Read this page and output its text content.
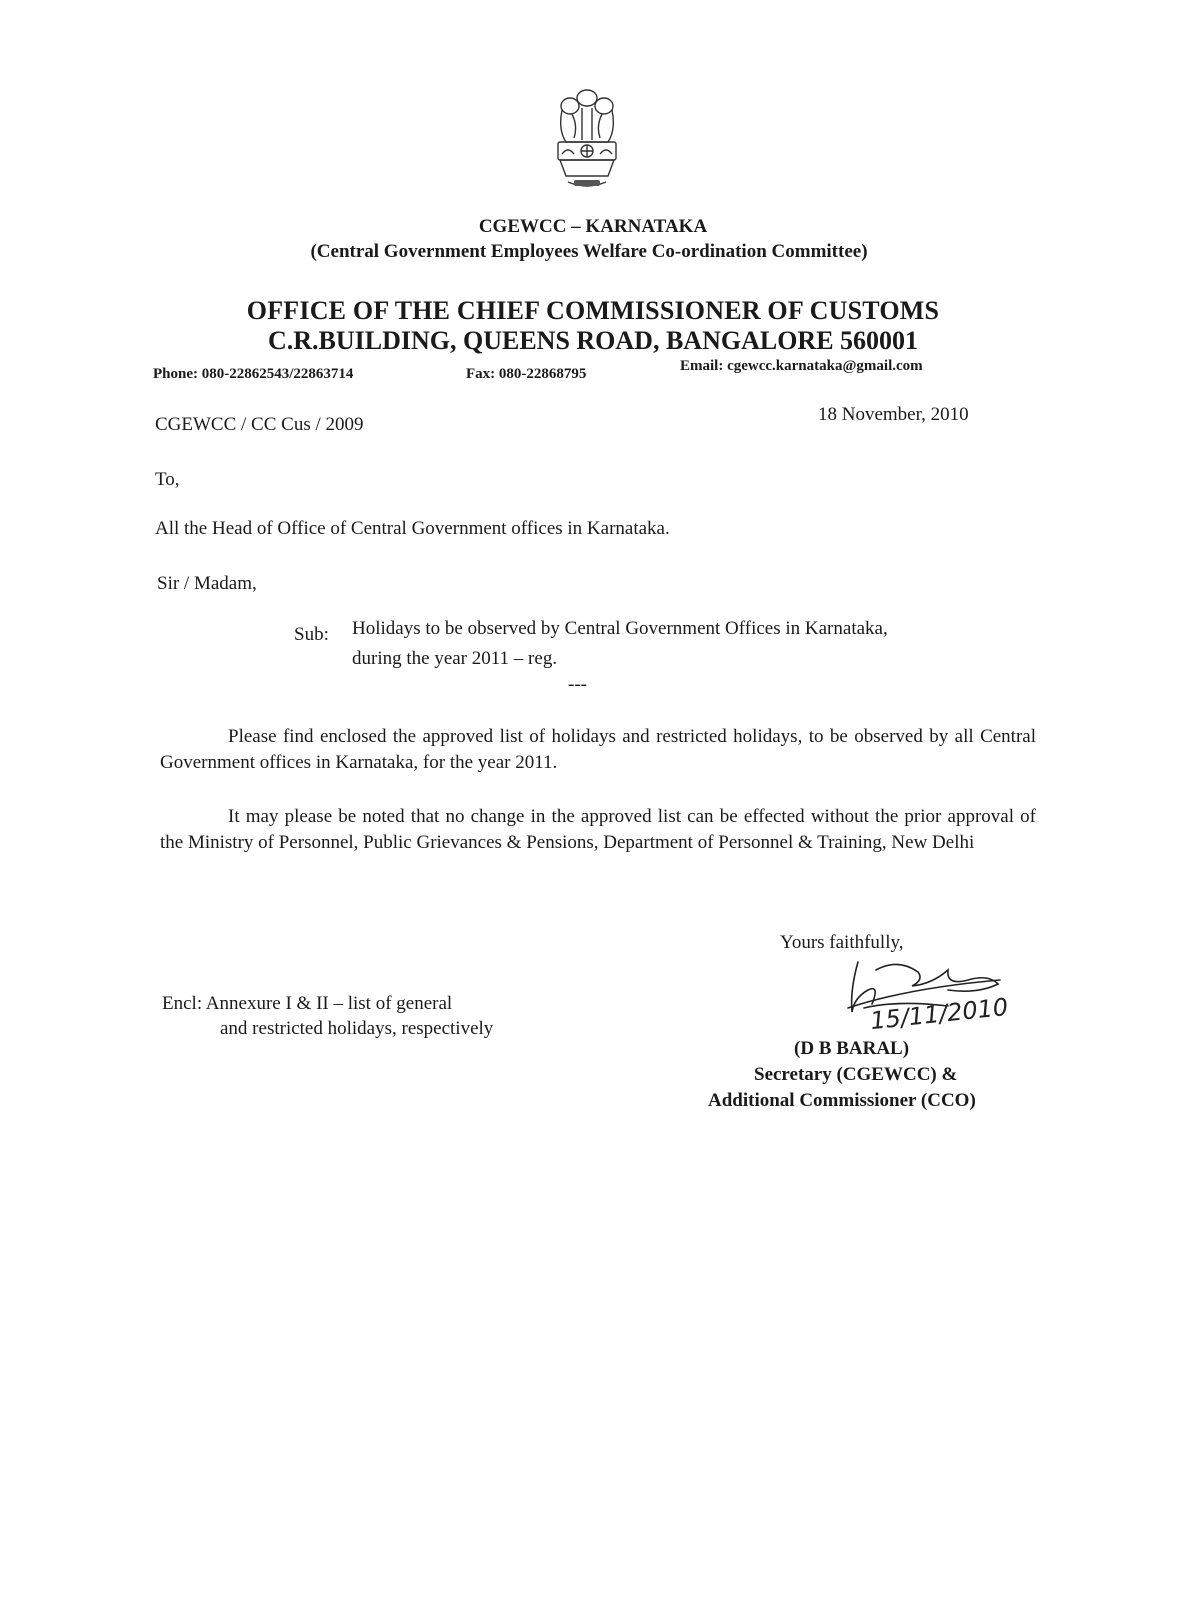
CGEWCC – KARNATAKA
(Central Government Employees Welfare Co-ordination Committee)
OFFICE OF THE CHIEF COMMISSIONER OF CUSTOMS
C.R.BUILDING, QUEENS ROAD, BANGALORE 560001
Phone: 080-22862543/22863714	Fax: 080-22868795	Email: cgewcc.karnataka@gmail.com
CGEWCC / CC Cus / 2009	18 November, 2010
To,
All the Head of Office of Central Government offices in Karnataka.
Sir / Madam,
Sub: Holidays to be observed by Central Government Offices in Karnataka,
during the year 2011 – reg.
---
Please find enclosed the approved list of holidays and restricted holidays, to be observed by all Central Government offices in Karnataka, for the year 2011.
It may please be noted that no change in the approved list can be effected without the prior approval of the Ministry of Personnel, Public Grievances & Pensions, Department of Personnel & Training, New Delhi
Encl: Annexure I & II – list of general
and restricted holidays, respectively
Yours faithfully,
15/11/2010
(D B BARAL)
Secretary (CGEWCC) &
Additional Commissioner (CCO)
